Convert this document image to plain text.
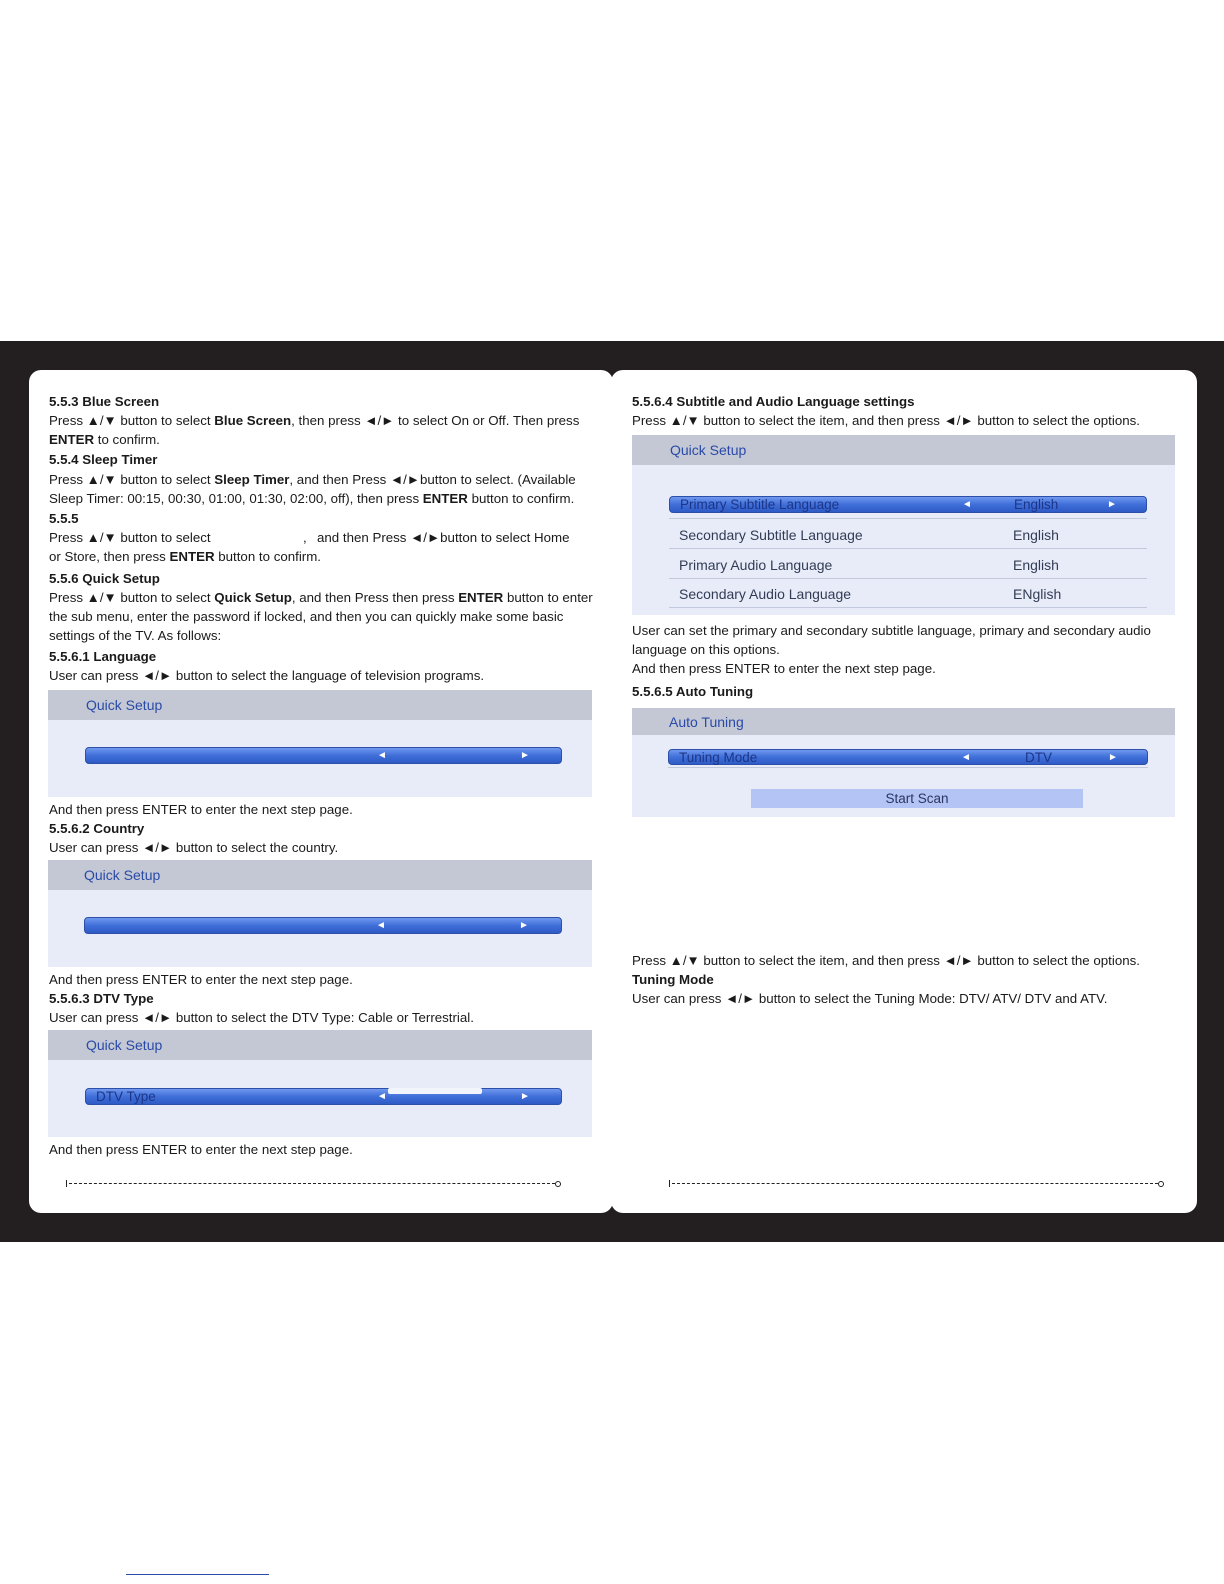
5.5.3 Blue Screen
Press ▲/▼ button to select Blue Screen, then press ◄/► to select On or Off. Then press
ENTER to confirm.
5.5.4 Sleep Timer
Press ▲/▼ button to select Sleep Timer, and then Press ◄/►button to select. (Available
Sleep Timer: 00:15, 00:30, 01:00, 01:30, 02:00, off), then press ENTER button to confirm.
5.5.5
Press ▲/▼ button to select	, and then Press ◄/►button to select Home
or Store, then press ENTER button to confirm.
5.5.6 Quick Setup
Press ▲/▼ button to select Quick Setup, and then Press then press ENTER button to enter
the sub menu, enter the password if locked, and then you can quickly make some basic
settings of the TV. As follows:
5.5.6.1 Language
User can press ◄/► button to select the language of television programs.
Quick Setup
◄	►
And then press ENTER to enter the next step page.
5.5.6.2 Country
User can press ◄/► button to select the country.
Quick Setup
◄	►
And then press ENTER to enter the next step page.
5.5.6.3 DTV Type
User can press ◄/► button to select the DTV Type: Cable or Terrestrial.
Quick Setup
DTV Type	◄	►
And then press ENTER to enter the next step page.
5.5.6.4 Subtitle and Audio Language settings
Press ▲/▼ button to select the item, and then press ◄/► button to select the options.
Quick Setup
Primary Subtitle Language	◄	English	►
Secondary Subtitle Language	English
Primary Audio Language	English
Secondary Audio Language	ENglish
User can set the primary and secondary subtitle language, primary and secondary audio
language on this options.
And then press ENTER to enter the next step page.
5.5.6.5 Auto Tuning
Auto Tuning
Tuning Mode	◄	DTV	►
Start Scan
Press ▲/▼ button to select the item, and then press ◄/► button to select the options.
Tuning Mode
User can press ◄/► button to select the Tuning Mode: DTV/ ATV/ DTV and ATV.
